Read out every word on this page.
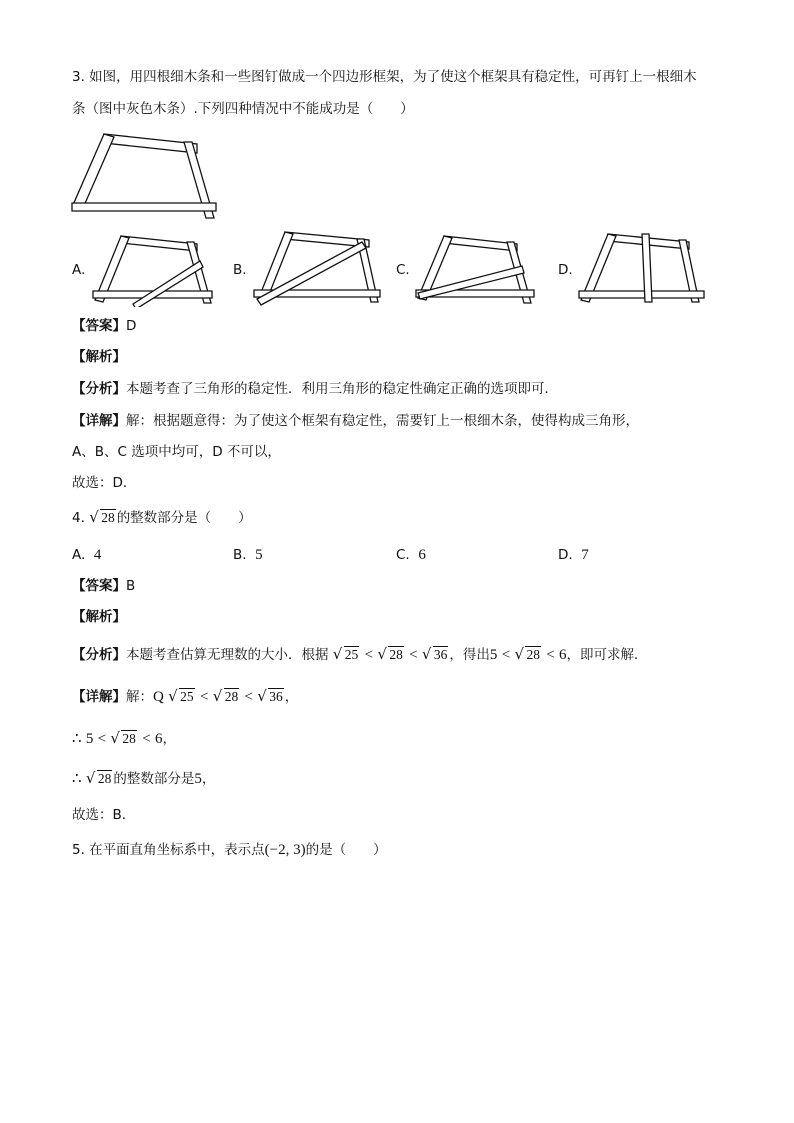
3. 如图，用四根细木条和一些图钉做成一个四边形框架，为了使这个框架具有稳定性，可再钉上一根细木
条（图中灰色木条）.下列四种情况中不能成功是（　　）
A.	B.	C.	D.
【答案】D
【解析】
【分析】本题考查了三角形的稳定性．利用三角形的稳定性确定正确的选项即可．
【详解】解：根据题意得：为了使这个框架有稳定性，需要钉上一根细木条，使得构成三角形，
A、B、C 选项中均可，D 不可以，
故选：D．
4. √ 28 的整数部分是（　　）
A. 4	B. 5	C. 6	D. 7
【答案】B
【解析】
【分析】本题考查估算无理数的大小．根据 √ 25 < √ 28 < √ 36 ，得出5 < √ 28 < 6，即可求解．
【详解】解：Q √ 25 < √ 28 < √ 36 ，
∴ 5 < √ 28 < 6，
∴ √ 28 的整数部分是5，
故选：B．
5. 在平面直角坐标系中，表示点(−2, 3)的是（　　）
